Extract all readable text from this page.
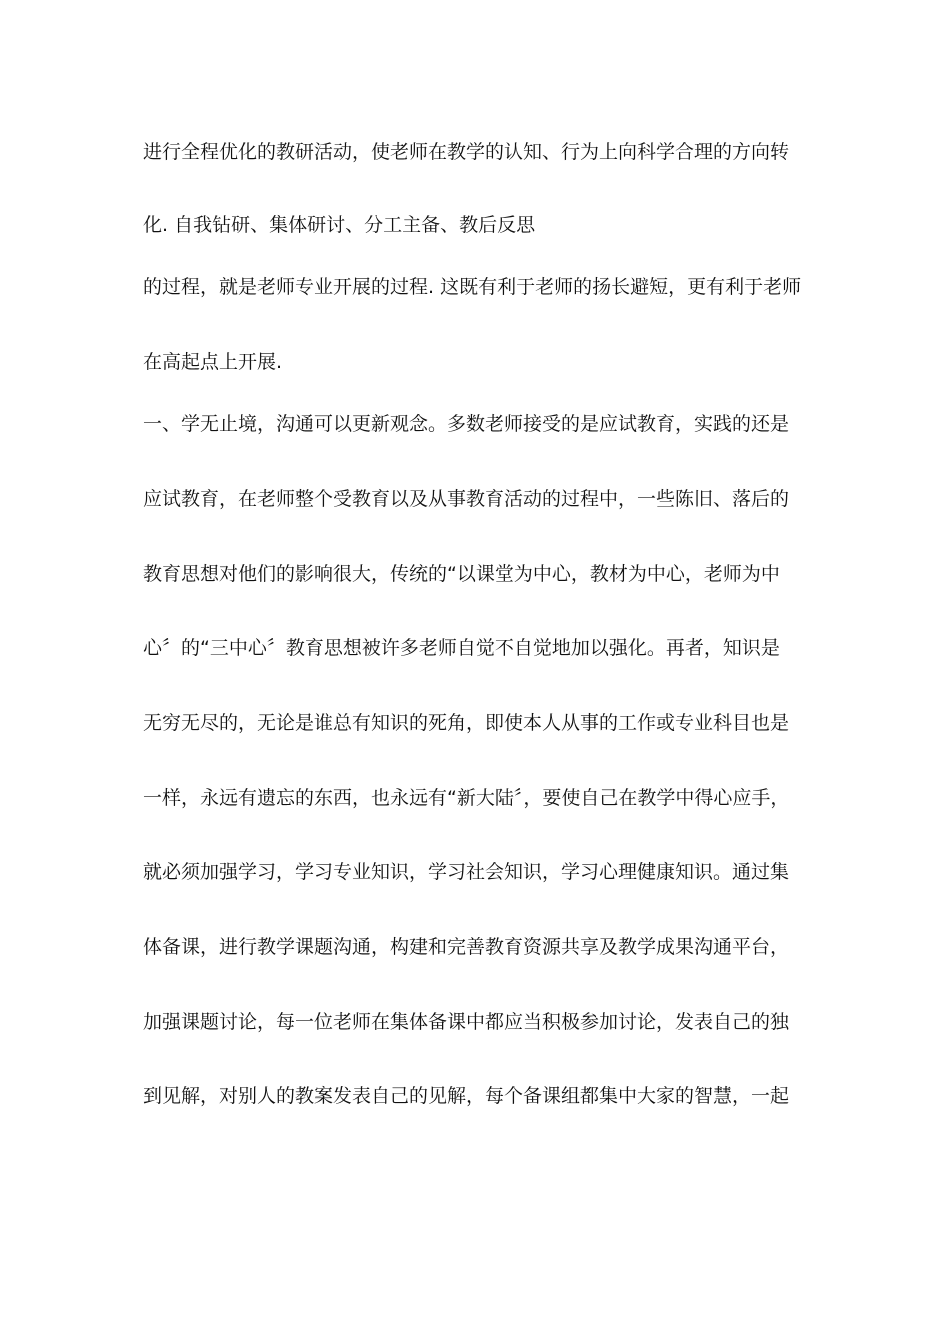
进行全程优化的教研活动，使老师在教学的认知、行为上向科学合理的方向转
化. 自我钻研、集体研讨、分工主备、教后反思
的过程，就是老师专业开展的过程. 这既有利于老师的扬长避短，更有利于老师
在高起点上开展.
一、学无止境，沟通可以更新观念。多数老师接受的是应试教育，实践的还是
应试教育，在老师整个受教育以及从事教育活动的过程中，一些陈旧、落后的
教育思想对他们的影响很大，传统的“以课堂为中心，教材为中心，老师为中
心〞的“三中心〞教育思想被许多老师自觉不自觉地加以强化。再者，知识是
无穷无尽的，无论是谁总有知识的死角，即使本人从事的工作或专业科目也是
一样，永远有遗忘的东西，也永远有“新大陆〞，要使自己在教学中得心应手，
就必须加强学习，学习专业知识，学习社会知识，学习心理健康知识。通过集
体备课，进行教学课题沟通，构建和完善教育资源共享及教学成果沟通平台，
加强课题讨论，每一位老师在集体备课中都应当积极参加讨论，发表自己的独
到见解，对别人的教案发表自己的见解，每个备课组都集中大家的智慧，一起
